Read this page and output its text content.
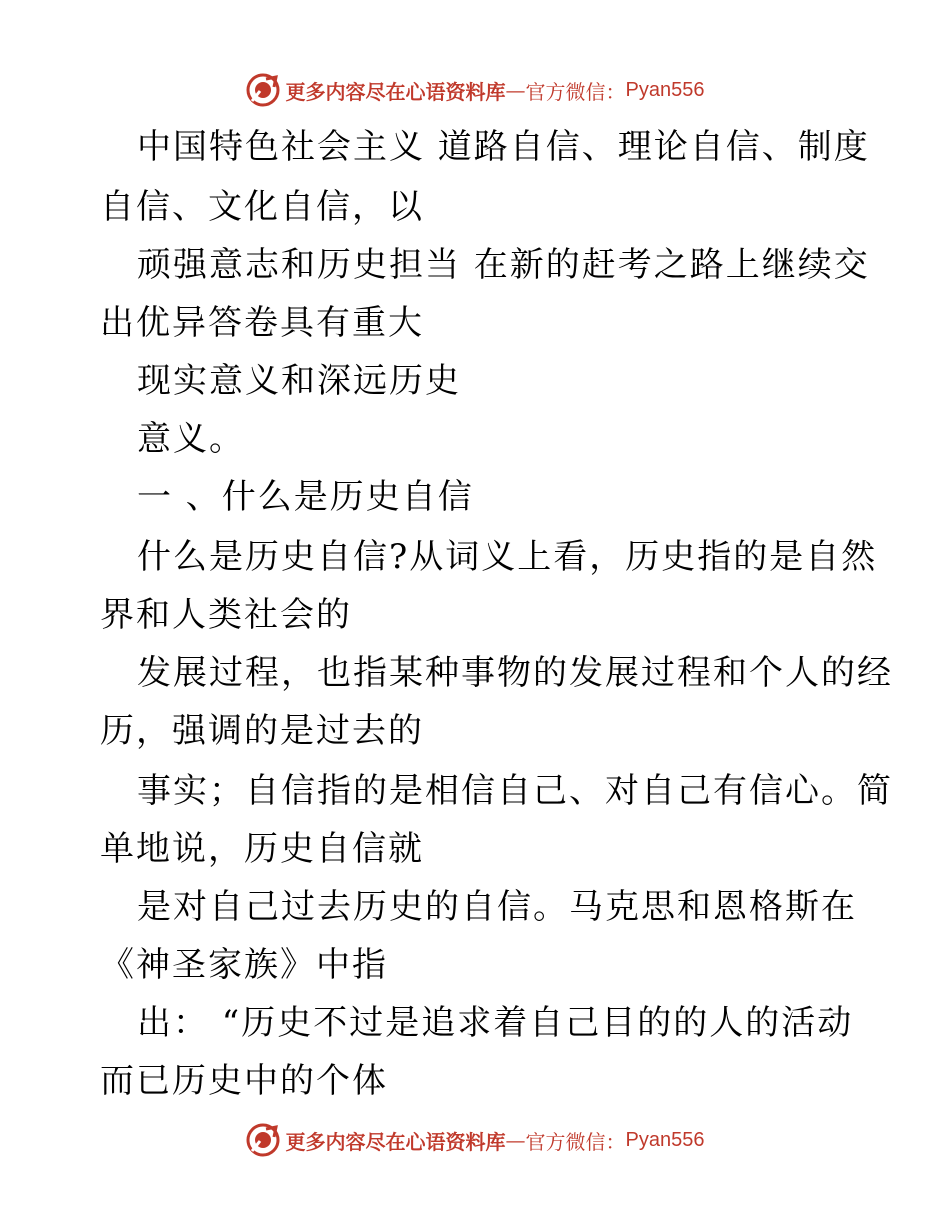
更多内容尽在心语资料库 — 官方微信： Pyan556
中国特色社会主义 道路自信、理论自信、制度
自信、文化自信，以
顽强意志和历史担当 在新的赶考之路上继续交
出优异答卷具有重大
现实意义和深远历史
意义。
一 、什么是历史自信
什么是历史自信?从词义上看，历史指的是自然
界和人类社会的
发展过程，也指某种事物的发展过程和个人的经
历，强调的是过去的
事实；自信指的是相信自己、对自己有信心。简
单地说，历史自信就
是对自己过去历史的自信。马克思和恩格斯在
《神圣家族》中指
出： “历史不过是追求着自己目的的人的活动
而已历史中的个体
更多内容尽在心语资料库 — 官方微信： Pyan556
